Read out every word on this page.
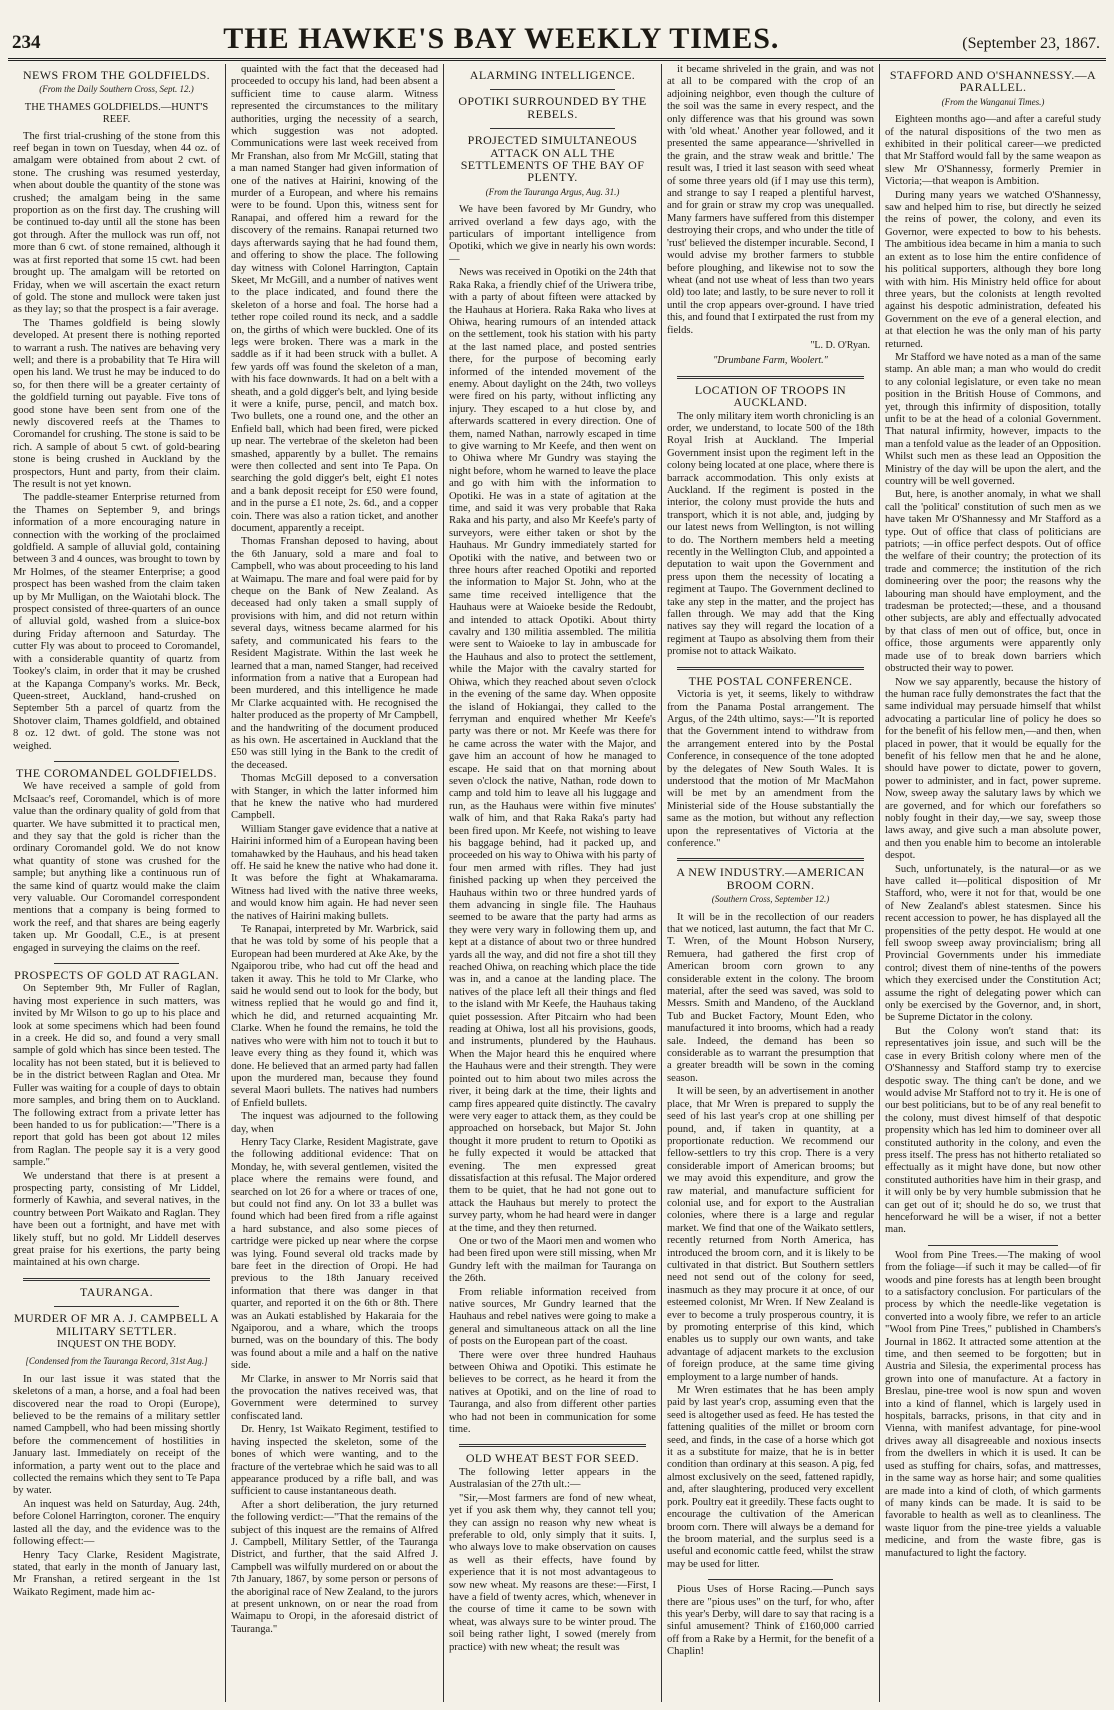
234	THE HAWKE'S BAY WEEKLY TIMES.	(September 23, 1867.
NEWS FROM THE GOLDFIELDS.
(From the Daily Southern Cross, Sept. 12.)
THE THAMES GOLDFIELDS.—HUNT'S REEF.

The first trial-crushing of the stone from this reef began in town on Tuesday, when 44 oz. of amalgam were obtained from about 2 cwt. of stone. The crushing was resumed yesterday, when about double the quantity of the stone was crushed; the amalgam being in the same proportion as on the first day. The crushing will be continued to-day until all the stone has been got through. After the mullock was run off, not more than 6 cwt. of stone remained, although it was at first reported that some 15 cwt. had been brought up. The amalgam will be retorted on Friday, when we will ascertain the exact return of gold. The stone and mullock were taken just as they lay; so that the prospect is a fair average.

The Thames goldfield is being slowly developed. At present there is nothing reported to warrant a rush. The natives are behaving very well; and there is a probability that Te Hira will open his land. We trust he may be induced to do so, for then there will be a greater certainty of the goldfield turning out payable. Five tons of good stone have been sent from one of the newly discovered reefs at the Thames to Coromandel for crushing. The stone is said to be rich. A sample of about 5 cwt. of gold-bearing stone is being crushed in Auckland by the prospectors, Hunt and party, from their claim. The result is not yet known.

The paddle-steamer Enterprise returned from the Thames on September 9, and brings information of a more encouraging nature in connection with the working of the proclaimed goldfield. A sample of alluvial gold, containing between 3 and 4 ounces, was brought to town by Mr Holmes, of the steamer Enterprise; a good prospect has been washed from the claim taken up by Mr Mulligan, on the Waiotahi block. The prospect consisted of three-quarters of an ounce of alluvial gold, washed from a sluice-box during Friday afternoon and Saturday. The cutter Fly was about to proceed to Coromandel, with a considerable quantity of quartz from Tookey's claim, in order that it may be crushed at the Kapanga Company's works. Mr. Beck, Queen-street, Auckland, hand-crushed on September 5th a parcel of quartz from the Shotover claim, Thames goldfield, and obtained 8 oz. 12 dwt. of gold. The stone was not weighed.

THE COROMANDEL GOLDFIELDS.

We have received a sample of gold from McIsaac's reef, Coromandel, which is of more value than the ordinary quality of gold from that quarter. We have submitted it to practical men, and they say that the gold is richer than the ordinary Coromandel gold. We do not know what quantity of stone was crushed for the sample; but anything like a continuous run of the same kind of quartz would make the claim very valuable. Our Coromandel correspondent mentions that a company is being formed to work the reef, and that shares are being eagerly taken up. Mr Goodall, C.E., is at present engaged in surveying the claims on the reef.

PROSPECTS OF GOLD AT RAGLAN.

On September 9th, Mr Fuller of Raglan, having most experience in such matters, was invited by Mr Wilson to go up to his place and look at some specimens which had been found in a creek. He did so, and found a very small sample of gold which has since been tested. The locality has not been stated, but it is believed to be in the district between Raglan and Otea. Mr Fuller was waiting for a couple of days to obtain more samples, and bring them on to Auckland. The following extract from a private letter has been handed to us for publication:—"There is a report that gold has been got about 12 miles from Raglan. The people say it is a very good sample."

We understand that there is at present a prospecting party, consisting of Mr Liddel, formerly of Kawhia, and several natives, in the country between Port Waikato and Raglan. They have been out a fortnight, and have met with likely stuff, but no gold. Mr Liddell deserves great praise for his exertions, the party being maintained at his own charge.

TAURANGA.
MURDER OF MR A. J. CAMPBELL A MILITARY SETTLER.
INQUEST ON THE BODY.
[Condensed from the Tauranga Record, 31st Aug.]

In our last issue it was stated that the skeletons of a man, a horse, and a foal had been discovered near the road to Oropi (Europe), believed to be the remains of a military settler named Campbell, who had been missing shortly before the commencement of hostilities in January last. Immediately on receipt of the information, a party went out to the place and collected the remains which they sent to Te Papa by water.

An inquest was held on Saturday, Aug. 24th, before Colonel Harrington, coroner. The enquiry lasted all the day, and the evidence was to the following effect:—

Henry Tacy Clarke, Resident Magistrate, stated, that early in the month of January last, Mr Franshan, a retired sergeant in the 1st Waikato Regiment, made him ac-

quainted with the fact that the deceased had proceeded to occupy his land, had been absent a sufficient time to cause alarm. Witness represented the circumstances to the military authorities, urging the necessity of a search, which suggestion was not adopted. Communications were last week received from Mr Franshan, also from Mr McGill, stating that a man named Stanger had given information of one of the natives at Hairini, knowing of the murder of a European, and where his remains were to be found. Upon this, witness sent for Ranapai, and offered him a reward for the discovery of the remains. Ranapai returned two days afterwards saying that he had found them, and offering to show the place. The following day witness with Colonel Harrington, Captain Skeet, Mr McGill, and a number of natives went to the place indicated, and found there the skeleton of a horse and foal. The horse had a tether rope coiled round its neck, and a saddle on, the girths of which were buckled. One of its legs were broken. There was a mark in the saddle as if it had been struck with a bullet. A few yards off was found the skeleton of a man, with his face downwards. It had on a belt with a sheath, and a gold digger's belt, and lying beside it were a knife, purse, pencil, and match box. Two bullets, one a round one, and the other an Enfield ball, which had been fired, were picked up near. The vertebrae of the skeleton had been smashed, apparently by a bullet. The remains were then collected and sent into Te Papa. On searching the gold digger's belt, eight £1 notes and a bank deposit receipt for £50 were found, and in the purse a £1 note, 2s. 6d., and a copper coin. There was also a ration ticket, and another document, apparently a receipt.

Thomas Franshan deposed to having, about the 6th January, sold a mare and foal to Campbell, who was about proceeding to his land at Waimapu. The mare and foal were paid for by cheque on the Bank of New Zealand. As deceased had only taken a small supply of provisions with him, and did not return within several days, witness became alarmed for his safety, and communicated his fears to the Resident Magistrate. Within the last week he learned that a man, named Stanger, had received information from a native that a European had been murdered, and this intelligence he made Mr Clarke acquainted with. He recognised the halter produced as the property of Mr Campbell, and the handwriting of the document produced as his own. He ascertained in Auckland that the £50 was still lying in the Bank to the credit of the deceased.

Thomas McGill deposed to a conversation with Stanger, in which the latter informed him that he knew the native who had murdered Campbell.

William Stanger gave evidence that a native at Hairini informed him of a European having been tomahawked by the Hauhaus, and his head taken off. He said he knew the native who had done it. It was before the fight at Whakamarama. Witness had lived with the native three weeks, and would know him again. He had never seen the natives of Hairini making bullets.

Te Ranapai, interpreted by Mr. Warbrick, said that he was told by some of his people that a European had been murdered at Ake Ake, by the Ngaiporou tribe, who had cut off the head and taken it away. This he told to Mr Clarke, who said he would send out to look for the body, but witness replied that he would go and find it, which he did, and returned acquainting Mr. Clarke. When he found the remains, he told the natives who were with him not to touch it but to leave every thing as they found it, which was done. He believed that an armed party had fallen upon the murdered man, because they found several Maori bullets. The natives had numbers of Enfield bullets.

The inquest was adjourned to the following day, when

Henry Tacy Clarke, Resident Magistrate, gave the following additional evidence: That on Monday, he, with several gentlemen, visited the place where the remains were found, and searched on lot 26 for a where or traces of one, but could not find any. On lot 33 a bullet was found which had been fired from a rifle against a hard substance, and also some pieces of cartridge were picked up near where the corpse was lying. Found several old tracks made by bare feet in the direction of Oropi. He had previous to the 18th January received information that there was danger in that quarter, and reported it on the 6th or 8th. There was an Aukati established by Hakaraia for the Ngaiporou, and a whare, which the troops burned, was on the boundary of this. The body was found about a mile and a half on the native side.

Mr Clarke, in answer to Mr Norris said that the provocation the natives received was, that Government were determined to survey confiscated land.

Dr. Henry, 1st Waikato Regiment, testified to having inspected the skeleton, some of the bones of which were wanting, and to the fracture of the vertebrae which he said was to all appearance produced by a rifle ball, and was sufficient to cause instantaneous death.

After a short deliberation, the jury returned the following verdict:—"That the remains of the subject of this inquest are the remains of Alfred J. Campbell, Military Settler, of the Tauranga District, and further, that the said Alfred J. Campbell was wilfully murdered on or about the 7th January, 1867, by some person or persons of the aboriginal race of New Zealand, to the jurors at present unknown, on or near the road from Waimapu to Oropi, in the aforesaid district of Tauranga."

ALARMING INTELLIGENCE.
OPOTIKI SURROUNDED BY THE REBELS.
PROJECTED SIMULTANEOUS ATTACK ON ALL THE SETTLEMENTS OF THE BAY OF PLENTY.
(From the Tauranga Argus, Aug. 31.)

We have been favored by Mr Gundry, who arrived overland a few days ago, with the particulars of important intelligence from Opotiki, which we give in nearly his own words:—

News was received in Opotiki on the 24th that Raka Raka, a friendly chief of the Uriwera tribe, with a party of about fifteen were attacked by the Hauhaus at Horiera. Raka Raka who lives at Ohiwa, hearing rumours of an intended attack on the settlement, took his station with his party at the last named place, and posted sentries there, for the purpose of becoming early informed of the intended movement of the enemy. About daylight on the 24th, two volleys were fired on his party, without inflicting any injury. They escaped to a hut close by, and afterwards scattered in every direction. One of them, named Nathan, narrowly escaped in time to give warning to Mr Keefe, and then went on to Ohiwa where Mr Gundry was staying the night before, whom he warned to leave the place and go with him with the information to Opotiki. He was in a state of agitation at the time, and said it was very probable that Raka Raka and his party, and also Mr Keefe's party of surveyors, were either taken or shot by the Hauhaus. Mr Gundry immediately started for Opotiki with the native, and between two or three hours after reached Opotiki and reported the information to Major St. John, who at the same time received intelligence that the Hauhaus were at Waioeke beside the Redoubt, and intended to attack Opotiki. About thirty cavalry and 130 militia assembled. The militia were sent to Waioeke to lay in ambuscade for the Hauhaus and also to protect the settlement, while the Major with the cavalry started for Ohiwa, which they reached about seven o'clock in the evening of the same day. When opposite the island of Hokiangai, they called to the ferryman and enquired whether Mr Keefe's party was there or not. Mr Keefe was there for he came across the water with the Major, and gave him an account of how he managed to escape. He said that on that morning about seven o'clock the native, Nathan, rode down to camp and told him to leave all his luggage and run, as the Hauhaus were within five minutes' walk of him, and that Raka Raka's party had been fired upon. Mr Keefe, not wishing to leave his baggage behind, had it packed up, and proceeded on his way to Ohiwa with his party of four men armed with rifles. They had just finished packing up when they perceived the Hauhaus within two or three hundred yards of them advancing in single file. The Hauhaus seemed to be aware that the party had arms as they were very wary in following them up, and kept at a distance of about two or three hundred yards all the way, and did not fire a shot till they reached Ohiwa, on reaching which place the tide was in, and a canoe at the landing place. The natives of the place left all their things and fled to the island with Mr Keefe, the Hauhaus taking quiet possession. After Pitcairn who had been reading at Ohiwa, lost all his provisions, goods, and instruments, plundered by the Hauhaus. When the Major heard this he enquired where the Hauhaus were and their strength. They were pointed out to him about two miles across the river, it being dark at the time, their lights and camp fires appeared quite distinctly. The cavalry were very eager to attack them, as they could be approached on horseback, but Major St. John thought it more prudent to return to Opotiki as he fully expected it would be attacked that evening. The men expressed great dissatisfaction at this refusal. The Major ordered them to be quiet, that he had not gone out to attack the Hauhaus but merely to protect the survey party, whom he had heard were in danger at the time, and they then returned.

One or two of the Maori men and women who had been fired upon were still missing, when Mr Gundry left with the mailman for Tauranga on the 26th.

From reliable information received from native sources, Mr Gundry learned that the Hauhaus and rebel natives were going to make a general and simultaneous attack on all the line of posts on the European part of the coast.

There were over three hundred Hauhaus between Ohiwa and Opotiki. This estimate he believes to be correct, as he heard it from the natives at Opotiki, and on the line of road to Tauranga, and also from different other parties who had not been in communication for some time.

OLD WHEAT BEST FOR SEED.

The following letter appears in the Australasian of the 27th ult.:—

"Sir,—Most farmers are fond of new wheat, yet if you ask them why, they cannot tell you; they can assign no reason why new wheat is preferable to old, only simply that it suits. I, who always love to make observation on causes as well as their effects, have found by experience that it is not most advantageous to sow new wheat. My reasons are these:—First, I have a field of twenty acres, which, whenever in the course of time it came to be sown with wheat, was always sure to be winter proud. The soil being rather light, I sowed (merely from practice) with new wheat; the result was

it became shriveled in the grain, and was not at all to be compared with the crop of an adjoining neighbor, even though the culture of the soil was the same in every respect, and the only difference was that his ground was sown with 'old wheat.' Another year followed, and it presented the same appearance—'shrivelled in the grain, and the straw weak and brittle.' The result was, I tried it last season with seed wheat of some three years old (if I may use this term), and strange to say I reaped a plentiful harvest, and for grain or straw my crop was unequalled. Many farmers have suffered from this distemper destroying their crops, and who under the title of 'rust' believed the distemper incurable. Second, I would advise my brother farmers to stubble before ploughing, and likewise not to sow the wheat (and not use wheat of less than two years old) too late; and lastly, to be sure never to roll it until the crop appears over-ground. I have tried this, and found that I extirpated the rust from my fields.

"L. D. O'Ryan.
"Drumbane Farm, Woolert."
LOCATION OF TROOPS IN AUCKLAND.

The only military item worth chronicling is an order, we understand, to locate 500 of the 18th Royal Irish at Auckland. The Imperial Government insist upon the regiment left in the colony being located at one place, where there is barrack accommodation. This only exists at Auckland. If the regiment is posted in the interior, the colony must provide the huts and transport, which it is not able, and, judging by our latest news from Wellington, is not willing to do. The Northern members held a meeting recently in the Wellington Club, and appointed a deputation to wait upon the Government and press upon them the necessity of locating a regiment at Taupo. The Government declined to take any step in the matter, and the project has fallen through. We may add that the King natives say they will regard the location of a regiment at Taupo as absolving them from their promise not to attack Waikato.

THE POSTAL CONFERENCE.

Victoria is yet, it seems, likely to withdraw from the Panama Postal arrangement. The Argus, of the 24th ultimo, says:—"It is reported that the Government intend to withdraw from the arrangement entered into by the Postal Conference, in consequence of the tone adopted by the delegates of New South Wales. It is understood that the motion of Mr MacMahon will be met by an amendment from the Ministerial side of the House substantially the same as the motion, but without any reflection upon the representatives of Victoria at the conference."

A NEW INDUSTRY.—AMERICAN BROOM CORN.
(Southern Cross, September 12.)

It will be in the recollection of our readers that we noticed, last autumn, the fact that Mr C. T. Wren, of the Mount Hobson Nursery, Remuera, had gathered the first crop of American broom corn grown to any considerable extent in the colony. The broom material, after the seed was saved, was sold to Messrs. Smith and Mandeno, of the Auckland Tub and Bucket Factory, Mount Eden, who manufactured it into brooms, which had a ready sale. Indeed, the demand has been so considerable as to warrant the presumption that a greater breadth will be sown in the coming season.

It will be seen, by an advertisement in another place, that Mr Wren is prepared to supply the seed of his last year's crop at one shilling per pound, and, if taken in quantity, at a proportionate reduction. We recommend our fellow-settlers to try this crop. There is a very considerable import of American brooms; but we may avoid this expenditure, and grow the raw material, and manufacture sufficient for colonial use, and for export to the Australian colonies, where there is a large and regular market. We find that one of the Waikato settlers, recently returned from North America, has introduced the broom corn, and it is likely to be cultivated in that district. But Southern settlers need not send out of the colony for seed, inasmuch as they may procure it at once, of our esteemed colonist, Mr Wren. If New Zealand is ever to become a truly prosperous country, it is by promoting enterprise of this kind, which enables us to supply our own wants, and take advantage of adjacent markets to the exclusion of foreign produce, at the same time giving employment to a large number of hands.

Mr Wren estimates that he has been amply paid by last year's crop, assuming even that the seed is altogether used as feed. He has tested the fattening qualities of the millet or broom corn seed, and finds, in the case of a horse which got it as a substitute for maize, that he is in better condition than ordinary at this season. A pig, fed almost exclusively on the seed, fattened rapidly, and, after slaughtering, produced very excellent pork. Poultry eat it greedily. These facts ought to encourage the cultivation of the American broom corn. There will always be a demand for the broom material, and the surplus seed is a useful and economic cattle feed, whilst the straw may be used for litter.

Pious Uses of Horse Racing.—Punch says there are "pious uses" on the turf, for who, after this year's Derby, will dare to say that racing is a sinful amusement? Think of £160,000 carried off from a Rake by a Hermit, for the benefit of a Chaplin!

STAFFORD AND O'SHANNESSY.—A PARALLEL.
(From the Wanganui Times.)

Eighteen months ago—and after a careful study of the natural dispositions of the two men as exhibited in their political career—we predicted that Mr Stafford would fall by the same weapon as slew Mr O'Shannessy, formerly Premier in Victoria;—that weapon is Ambition.

During many years we watched O'Shannessy, saw and helped him to rise, but directly he seized the reins of power, the colony, and even its Governor, were expected to bow to his behests. The ambitious idea became in him a mania to such an extent as to lose him the entire confidence of his political supporters, although they bore long with with him. His Ministry held office for about three years, but the colonists at length revolted against his despotic administration, defeated his Government on the eve of a general election, and at that election he was the only man of his party returned.

Mr Stafford we have noted as a man of the same stamp. An able man; a man who would do credit to any colonial legislature, or even take no mean position in the British House of Commons, and yet, through this infirmity of disposition, totally unfit to be at the head of a colonial Government. That natural infirmity, however, impacts to the man a tenfold value as the leader of an Opposition. Whilst such men as these lead an Opposition the Ministry of the day will be upon the alert, and the country will be well governed.

But, here, is another anomaly, in what we shall call the 'political' constitution of such men as we have taken Mr O'Shannessy and Mr Stafford as a type. Out of office that class of politicians are patriots; —in office perfect despots. Out of office the welfare of their country; the protection of its trade and commerce; the institution of the rich domineering over the poor; the reasons why the labouring man should have employment, and the tradesman be protected;—these, and a thousand other subjects, are ably and effectually advocated by that class of men out of office, but, once in office, those arguments were apparently only made use of to break down barriers which obstructed their way to power.

Now we say apparently, because the history of the human race fully demonstrates the fact that the same individual may persuade himself that whilst advocating a particular line of policy he does so for the benefit of his fellow men,—and then, when placed in power, that it would be equally for the benefit of his fellow men that he and he alone, should have power to dictate, power to govern, power to administer, and in fact, power supreme. Now, sweep away the salutary laws by which we are governed, and for which our forefathers so nobly fought in their day,—we say, sweep those laws away, and give such a man absolute power, and then you enable him to become an intolerable despot.

Such, unfortunately, is the natural—or as we have called it—political disposition of Mr Stafford, who, were it not for that, would be one of New Zealand's ablest statesmen. Since his recent accession to power, he has displayed all the propensities of the petty despot. He would at one fell swoop sweep away provincialism; bring all Provincial Governments under his immediate control; divest them of nine-tenths of the powers which they exercised under the Constitution Act; assume the right of delegating power which can only be exercised by the Governor, and, in short, be Supreme Dictator in the colony.

But the Colony won't stand that: its representatives join issue, and such will be the case in every British colony where men of the O'Shannessy and Stafford stamp try to exercise despotic sway. The thing can't be done, and we would advise Mr Stafford not to try it. He is one of our best politicians, but to be of any real benefit to the colony, must divest himself of that despotic propensity which has led him to domineer over all constituted authority in the colony, and even the press itself. The press has not hitherto retaliated so effectually as it might have done, but now other constituted authorities have him in their grasp, and it will only be by very humble submission that he can get out of it; should he do so, we trust that henceforward he will be a wiser, if not a better man.

Wool from Pine Trees.—The making of wool from the foliage—if such it may be called—of fir woods and pine forests has at length been brought to a satisfactory conclusion. For particulars of the process by which the needle-like vegetation is converted into a wooly fibre, we refer to an article "Wool from Pine Trees," published in Chambers's Journal in 1862. It attracted some attention at the time, and then seemed to be forgotten; but in Austria and Silesia, the experimental process has grown into one of manufacture. At a factory in Breslau, pine-tree wool is now spun and woven into a kind of flannel, which is largely used in hospitals, barracks, prisons, in that city and in Vienna, with manifest advantage, for pine-wool drives away all disagreeable and noxious insects from the dwellers in which it is used. It can be used as stuffing for chairs, sofas, and mattresses, in the same way as horse hair; and some qualities are made into a kind of cloth, of which garments of many kinds can be made. It is said to be favorable to health as well as to cleanliness. The waste liquor from the pine-tree yields a valuable medicine, and from the waste fibre, gas is manufactured to light the factory.
